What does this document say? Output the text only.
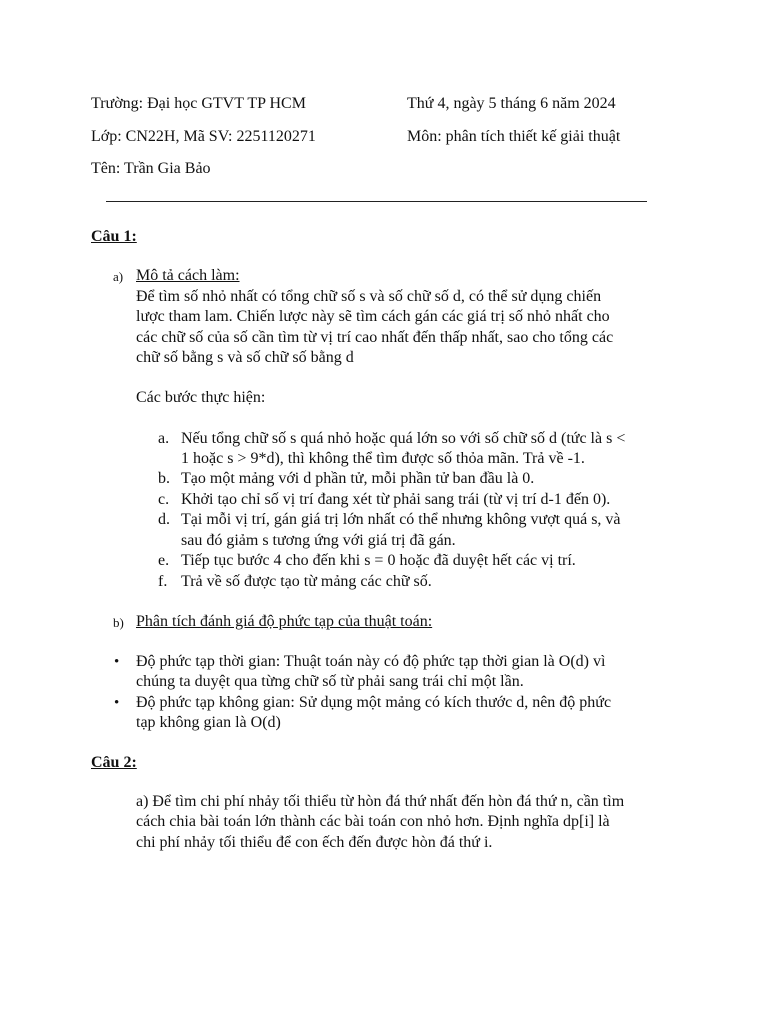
Trường: Đại học GTVT TP HCM	Thứ 4, ngày 5 tháng 6 năm 2024
Lớp: CN22H, Mã SV: 2251120271	Môn: phân tích thiết kế giải thuật
Tên: Trần Gia Bảo
Câu 1:
a) Mô tả cách làm:
Để tìm số nhỏ nhất có tổng chữ số s và số chữ số d, có thể sử dụng chiến
lược tham lam. Chiến lược này sẽ tìm cách gán các giá trị số nhỏ nhất cho
các chữ số của số cần tìm từ vị trí cao nhất đến thấp nhất, sao cho tổng các
chữ số bằng s và số chữ số bằng d
Các bước thực hiện:
a. Nếu tổng chữ số s quá nhỏ hoặc quá lớn so với số chữ số d (tức là s <
1 hoặc s > 9*d), thì không thể tìm được số thỏa mãn. Trả về -1.
b. Tạo một mảng với d phần tử, mỗi phần tử ban đầu là 0.
c. Khởi tạo chỉ số vị trí đang xét từ phải sang trái (từ vị trí d-1 đến 0).
d. Tại mỗi vị trí, gán giá trị lớn nhất có thể nhưng không vượt quá s, và
sau đó giảm s tương ứng với giá trị đã gán.
e. Tiếp tục bước 4 cho đến khi s = 0 hoặc đã duyệt hết các vị trí.
f. Trả về số được tạo từ mảng các chữ số.
b) Phân tích đánh giá độ phức tạp của thuật toán:
• Độ phức tạp thời gian: Thuật toán này có độ phức tạp thời gian là O(d) vì
chúng ta duyệt qua từng chữ số từ phải sang trái chỉ một lần.
• Độ phức tạp không gian: Sử dụng một mảng có kích thước d, nên độ phức
tạp không gian là O(d)
Câu 2:
a) Để tìm chi phí nhảy tối thiểu từ hòn đá thứ nhất đến hòn đá thứ n, cần tìm
cách chia bài toán lớn thành các bài toán con nhỏ hơn. Định nghĩa dp[i] là
chi phí nhảy tối thiểu để con ếch đến được hòn đá thứ i.
